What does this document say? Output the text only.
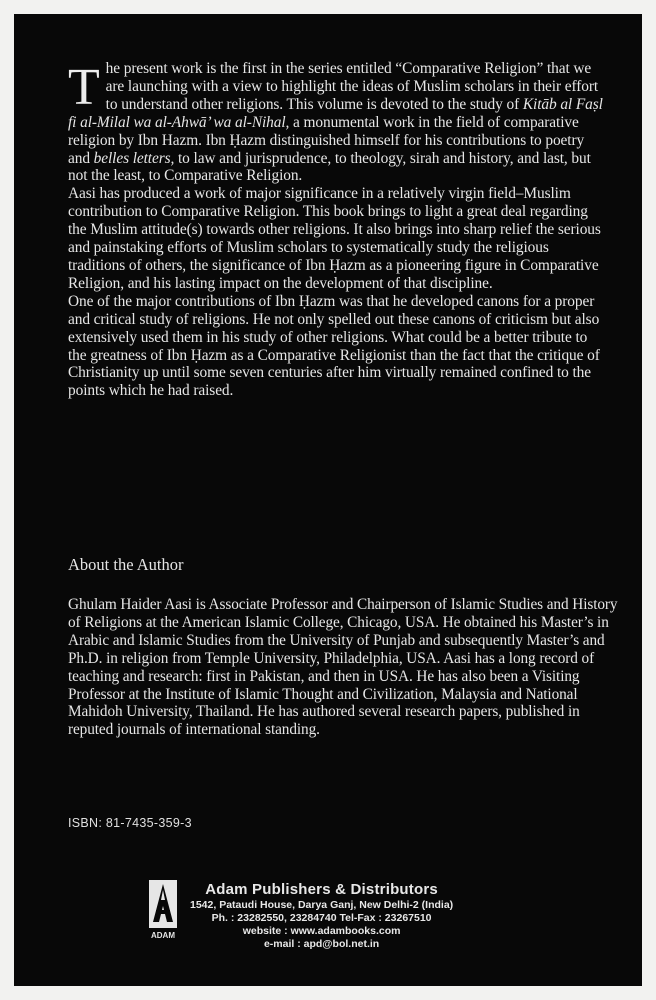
The present work is the first in the series entitled “Comparative Religion” that we are launching with a view to highlight the ideas of Muslim scholars in their effort to understand other religions. This volume is devoted to the study of Kitāb al Faṣl fi al-Milal wa al-Ahwā’ wa al-Nihal, a monumental work in the field of comparative religion by Ibn Hazm. Ibn Ḥazm distinguished himself for his contributions to poetry and belles letters, to law and jurisprudence, to theology, sirah and history, and last, but not the least, to Comparative Religion.

Aasi has produced a work of major significance in a relatively virgin field–Muslim contribution to Comparative Religion. This book brings to light a great deal regarding the Muslim attitude(s) towards other religions. It also brings into sharp relief the serious and painstaking efforts of Muslim scholars to systematically study the religious traditions of others, the significance of Ibn Ḥazm as a pioneering figure in Comparative Religion, and his lasting impact on the development of that discipline.

One of the major contributions of Ibn Ḥazm was that he developed canons for a proper and critical study of religions. He not only spelled out these canons of criticism but also extensively used them in his study of other religions. What could be a better tribute to the greatness of Ibn Ḥazm as a Comparative Religionist than the fact that the critique of Christianity up until some seven centuries after him virtually remained confined to the points which he had raised.

About the Author

Ghulam Haider Aasi is Associate Professor and Chairperson of Islamic Studies and History of Religions at the American Islamic College, Chicago, USA. He obtained his Master’s in Arabic and Islamic Studies from the University of Punjab and subsequently Master’s and Ph.D. in religion from Temple University, Philadelphia, USA. Aasi has a long record of teaching and research: first in Pakistan, and then in USA. He has also been a Visiting Professor at the Institute of Islamic Thought and Civilization, Malaysia and National Mahidoh University, Thailand. He has authored several research papers, published in reputed journals of international standing.

ISBN: 81-7435-359-3
ADAM
Adam Publishers & Distributors
1542, Pataudi House, Darya Ganj, New Delhi-2 (India)
Ph. : 23282550, 23284740 Tel-Fax : 23267510
website : www.adambooks.com
e-mail : apd@bol.net.in
